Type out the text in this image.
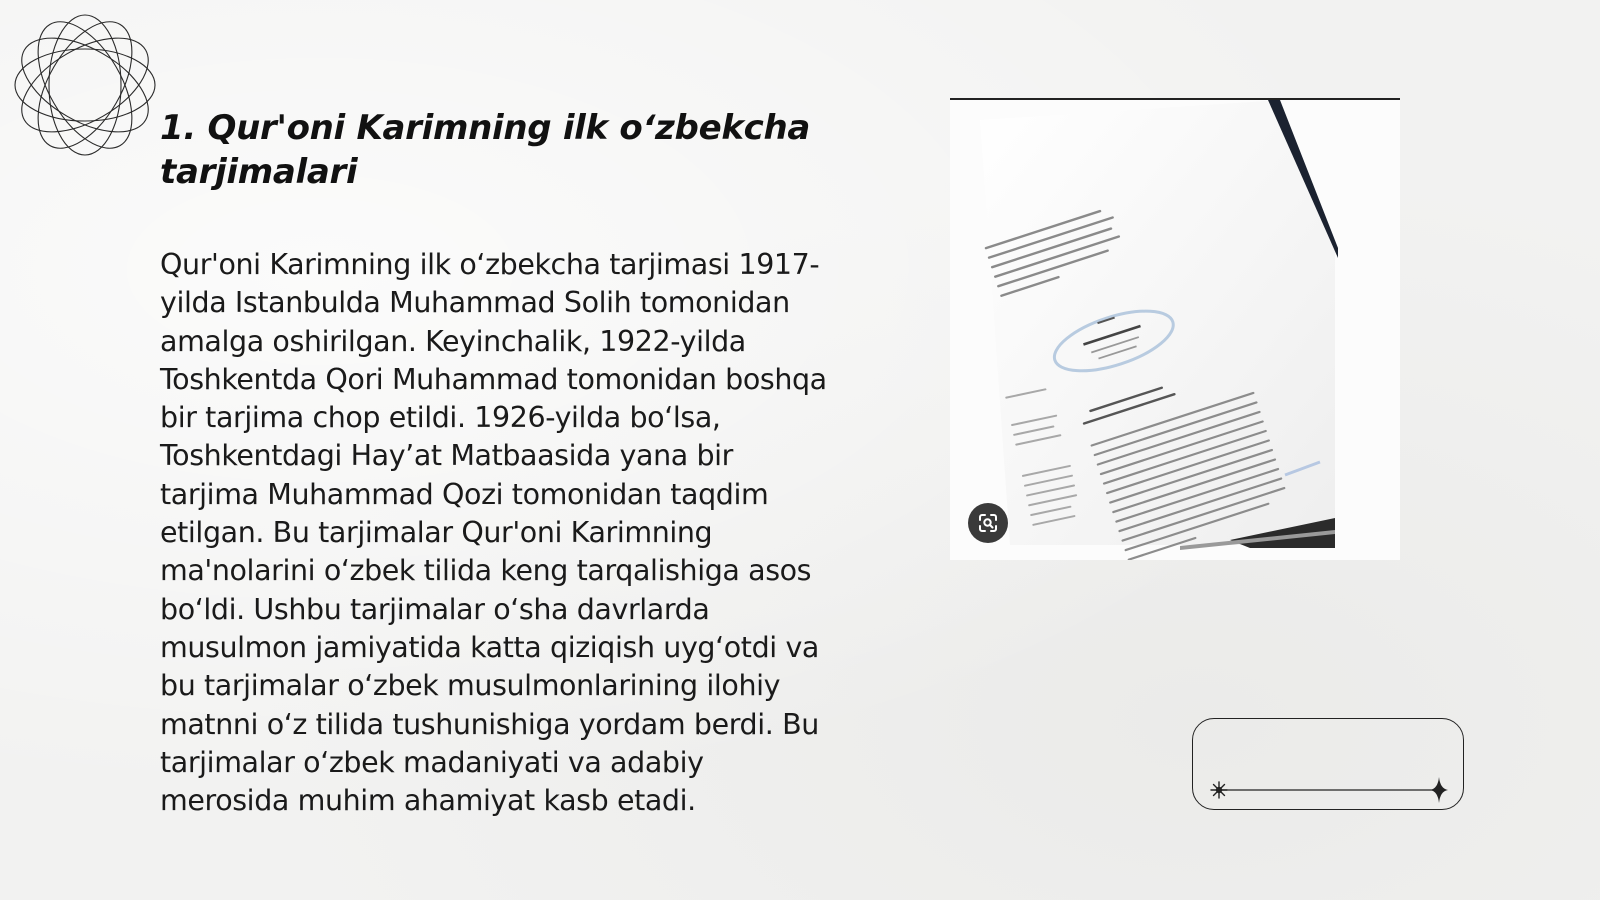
1. Qur'oni Karimning ilk o‘zbekcha tarjimalari

Qur'oni Karimning ilk o‘zbekcha tarjimasi 1917-yilda Istanbulda Muhammad Solih tomonidan amalga oshirilgan. Keyinchalik, 1922-yilda Toshkentda Qori Muhammad tomonidan boshqa bir tarjima chop etildi. 1926-yilda bo‘lsa, Toshkentdagi Hay’at Matbaasida yana bir tarjima Muhammad Qozi tomonidan taqdim etilgan. Bu tarjimalar Qur'oni Karimning ma'nolarini o‘zbek tilida keng tarqalishiga asos bo‘ldi. Ushbu tarjimalar o‘sha davrlarda musulmon jamiyatida katta qiziqish uyg‘otdi va bu tarjimalar o‘zbek musulmonlarining ilohiy matnni o‘z tilida tushunishiga yordam berdi. Bu tarjimalar o‘zbek madaniyati va adabiy merosida muhim ahamiyat kasb etadi.
